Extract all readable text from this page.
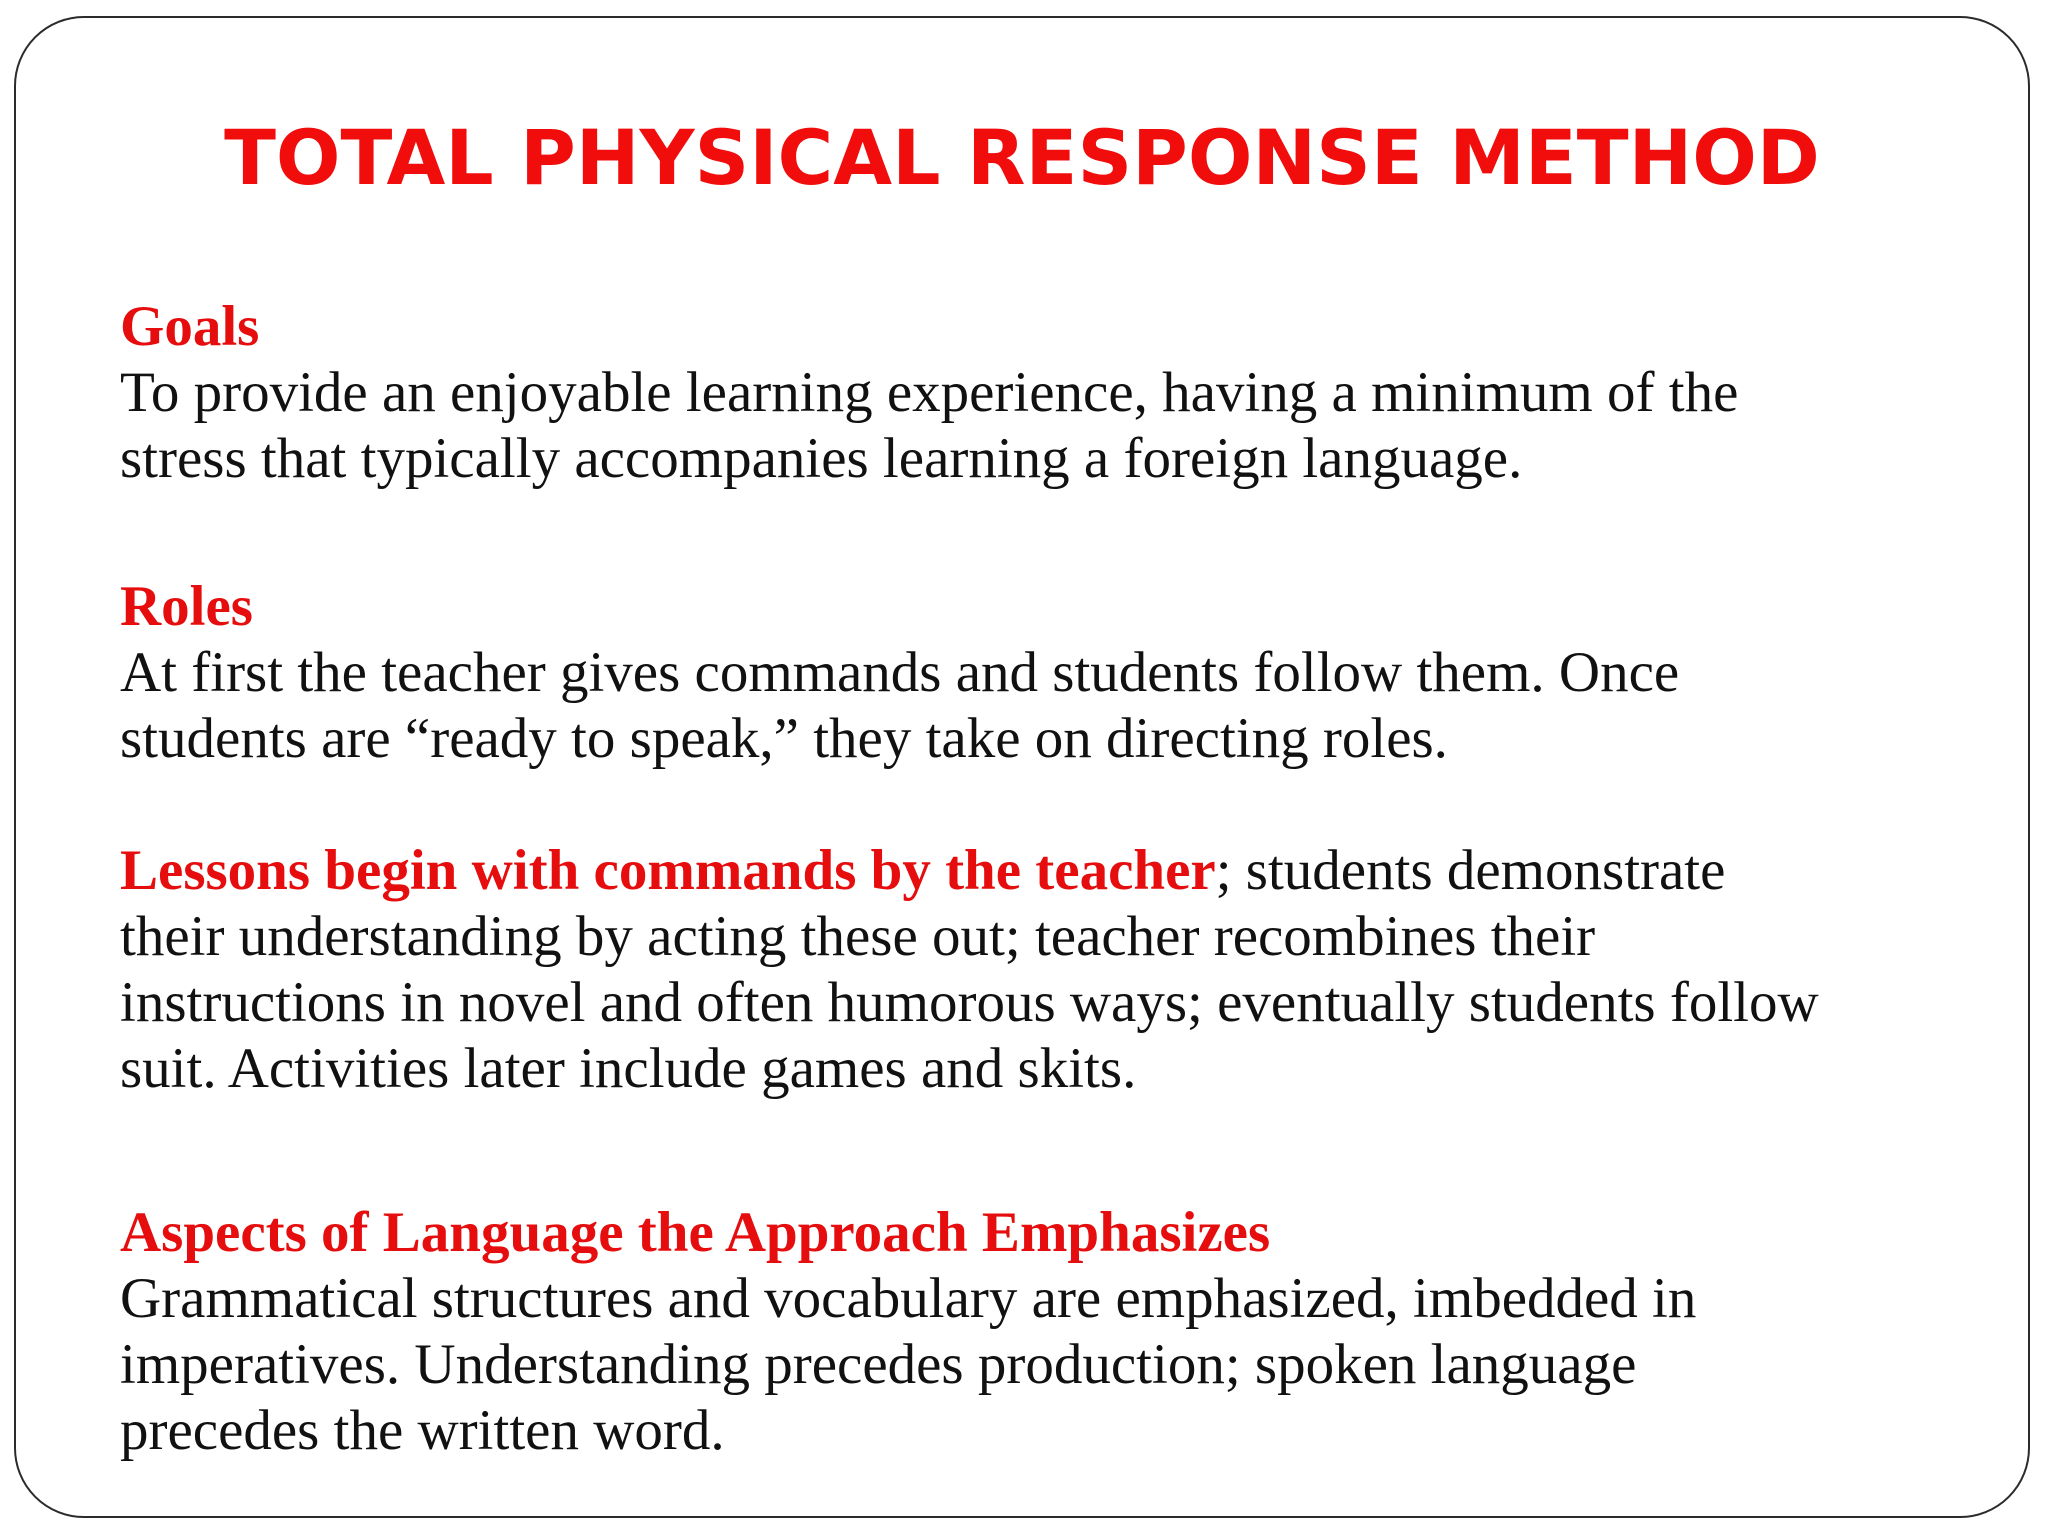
TOTAL PHYSICAL RESPONSE METHOD
Goals
To provide an enjoyable learning experience, having a minimum of the
stress that typically accompanies learning a foreign language.
Roles
At first the teacher gives commands and students follow them. Once
students are “ready to speak,” they take on directing roles.
Lessons begin with commands by the teacher; students demonstrate
their understanding by acting these out; teacher recombines their
instructions in novel and often humorous ways; eventually students follow
suit. Activities later include games and skits.
Aspects of Language the Approach Emphasizes
Grammatical structures and vocabulary are emphasized, imbedded in
imperatives. Understanding precedes production; spoken language
precedes the written word.
